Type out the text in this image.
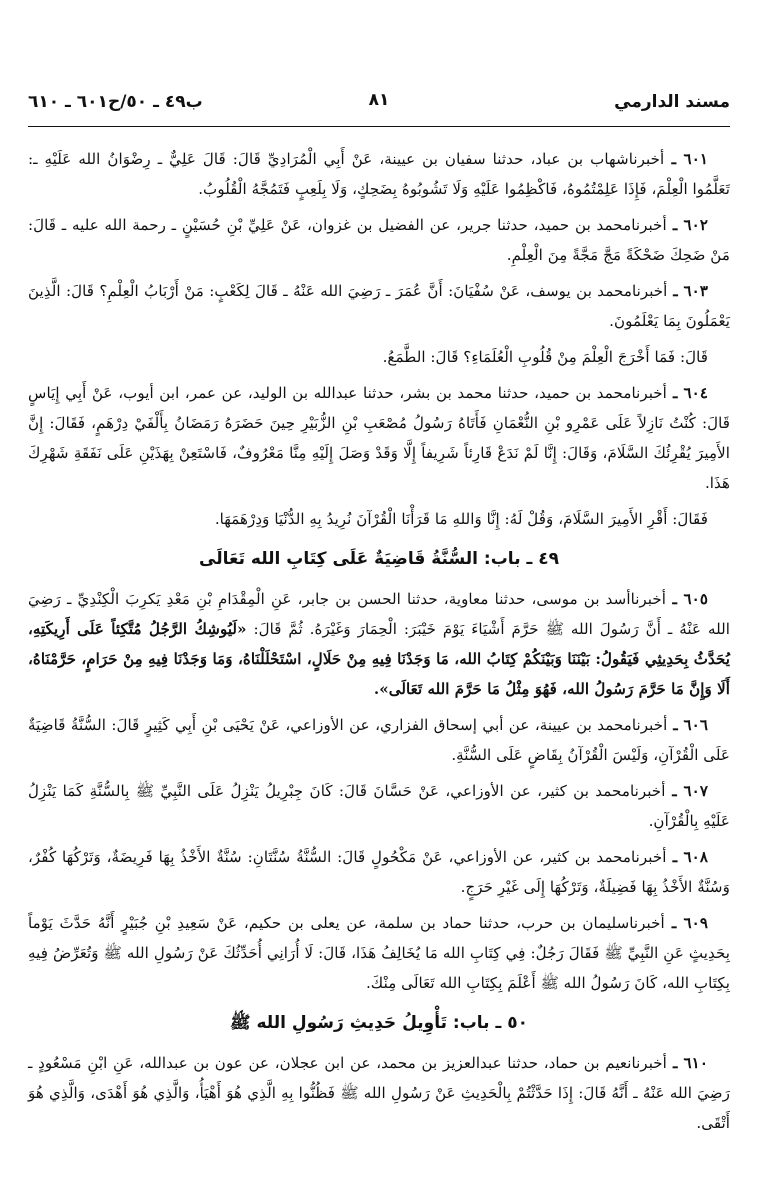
مسند الدارمي
٨١
ب٤٩ ـ ٥٠/ح٦٠١ ـ ٦١٠

٦٠١ ـ أخبرناشهاب بن عباد، حدثنا سفيان بن عيينة، عَنْ أَبِي الْمُرَادِيِّ قَالَ: قَالَ عَلِيٌّ ـ رِضْوَانُ الله عَلَيْهِ ـ: تَعَلَّمُوا الْعِلْمَ، فَإِذَا عَلِمْتُمُوهُ، فَاكْظِمُوا عَلَيْهِ وَلَا تَشُوبُوهُ بِضَحِكٍ، وَلَا بِلَعِبٍ فَتَمُجَّهُ الْقُلُوبُ.

٦٠٢ ـ أخبرنامحمد بن حميد، حدثنا جرير، عن الفضيل بن غزوان، عَنْ عَلِيِّ بْنِ حُسَيْنٍ ـ رحمة الله عليه ـ قَالَ: مَنْ ضَحِكَ ضَحْكَةً مَجَّ مَجَّةً مِنَ الْعِلْمِ.

٦٠٣ ـ أخبرنامحمد بن يوسف، عَنْ سُفْيَانَ: أَنَّ عُمَرَ ـ رَضِيَ الله عَنْهُ ـ قَالَ لِكَعْبٍ: مَنْ أَرْبَابُ الْعِلْمِ؟ قَالَ: الَّذِينَ يَعْمَلُونَ بِمَا يَعْلَمُونَ.

قَالَ: فَمَا أَخْرَجَ الْعِلْمَ مِنْ قُلُوبِ الْعُلَمَاءِ؟ قَالَ: الطَّمَعُ.

٦٠٤ ـ أخبرنامحمد بن حميد، حدثنا محمد بن بشر، حدثنا عبدالله بن الوليد، عن عمر، ابن أيوب، عَنْ أَبِي إِيَاسٍ قَالَ: كُنْتُ نَازِلاً عَلَى عَمْرِو بْنِ النُّعْمَانِ فَأَتَاهُ رَسُولُ مُصْعَبِ بْنِ الزُّبَيْرِ حِينَ حَضَرَهُ رَمَضَانُ بِأَلْفَيْ دِرْهَمٍ، فَقَالَ: إِنَّ الأَمِيرَ يُقْرِئُكَ السَّلَامَ، وَقَالَ: إِنَّا لَمْ نَدَعْ قَارِئاً شَرِيفاً إِلَّا وَقَدْ وَصَلَ إِلَيْهِ مِنَّا مَعْرُوفٌ، فَاسْتَعِنْ بِهَذَيْنِ عَلَى نَفَقَةِ شَهْرِكَ هَذَا.

فَقَالَ: أَقْرِ الأَمِيرَ السَّلَامَ، وَقُلْ لَهُ: إِنَّا وَاللهِ مَا قَرَأْنَا الْقُرْآنَ نُرِيدُ بِهِ الدُّنْيَا وَدِرْهَمَهَا.

٤٩ ـ باب: السُّنَّةُ قَاضِيَةٌ عَلَى كِتَابِ الله تَعَالَى

٦٠٥ ـ أخبرناأسد بن موسى، حدثنا معاوية، حدثنا الحسن بن جابر، عَنِ الْمِقْدَامِ بْنِ مَعْدِ يَكرِبَ الْكِنْدِيِّ ـ رَضِيَ الله عَنْهُ ـ أَنَّ رَسُولَ الله ﷺ حَرَّمَ أَشْيَاءَ يَوْمَ خَيْبَرَ: الْحِمَارَ وَغَيْرَهُ. ثُمَّ قَالَ: «لَيُوشِكُ الرَّجُلُ مُتَّكِئاً عَلَى أَرِيكَتِهِ، يُحَدَّثُ بِحَدِيثِي فَيَقُولُ: بَيْنَنَا وَبَيْنَكُمْ كِتَابُ الله، مَا وَجَدْنَا فِيهِ مِنْ حَلَالٍ، اسْتَحْلَلْنَاهُ، وَمَا وَجَدْنَا فِيهِ مِنْ حَرَامٍ، حَرَّمْنَاهُ، أَلَا وَإِنَّ مَا حَرَّمَ رَسُولُ الله، فَهُوَ مِثْلُ مَا حَرَّمَ الله تَعَالَى».

٦٠٦ ـ أخبرنامحمد بن عيينة، عن أبي إسحاق الفزاري، عن الأوزاعي، عَنْ يَحْيَى بْنِ أَبِي كَثِيرٍ قَالَ: السُّنَّةُ قَاضِيَةٌ عَلَى الْقُرْآنِ، وَلَيْسَ الْقُرْآنُ بِقَاضٍ عَلَى السُّنَّةِ.

٦٠٧ ـ أخبرنامحمد بن كثير، عن الأوزاعي، عَنْ حَسَّانَ قَالَ: كَانَ جِبْرِيلُ يَنْزِلُ عَلَى النَّبِيِّ ﷺ بِالسُّنَّةِ كَمَا يَنْزِلُ عَلَيْهِ بِالْقُرْآنِ.

٦٠٨ ـ أخبرنامحمد بن كثير، عن الأوزاعي، عَنْ مَكْحُولٍ قَالَ: السُّنَّةُ سُنَّتَانِ: سُنَّةٌ الأَخْذُ بِهَا فَرِيضَةٌ، وَتَرْكُهَا كُفْرٌ، وَسُنَّةٌ الأَخْذُ بِهَا فَضِيلَةٌ، وَتَرْكُهَا إِلَى غَيْرِ حَرَجٍ.

٦٠٩ ـ أخبرناسليمان بن حرب، حدثنا حماد بن سلمة، عن يعلى بن حكيم، عَنْ سَعِيدِ بْنِ جُبَيْرٍ أَنَّهُ حَدَّثَ يَوْماً بِحَدِيثٍ عَنِ النَّبِيِّ ﷺ فَقَالَ رَجُلٌ: فِي كِتَابِ الله مَا يُخَالِفُ هَذَا، قَالَ: لَا أُرَانِي أُحَدِّثُكَ عَنْ رَسُولِ الله ﷺ وَتُعَرِّضُ فِيهِ بِكِتَابِ الله، كَانَ رَسُولُ الله ﷺ أَعْلَمَ بِكِتَابِ الله تَعَالَى مِنْكَ.

٥٠ ـ باب: تَأْوِيلُ حَدِيثِ رَسُولِ الله ﷺ

٦١٠ ـ أخبرنانعيم بن حماد، حدثنا عبدالعزيز بن محمد، عن ابن عجلان، عن عون بن عبدالله، عَنِ ابْنِ مَسْعُودٍ ـ رَضِيَ الله عَنْهُ ـ أَنَّهُ قَالَ: إِذَا حَدَّثْتُمْ بِالْحَدِيثِ عَنْ رَسُولِ الله ﷺ فَظُنُّوا بِهِ الَّذِي هُوَ أَهْيَأُ، وَالَّذِي هُوَ أَهْدَى، وَالَّذِي هُوَ أَتْقَى.
